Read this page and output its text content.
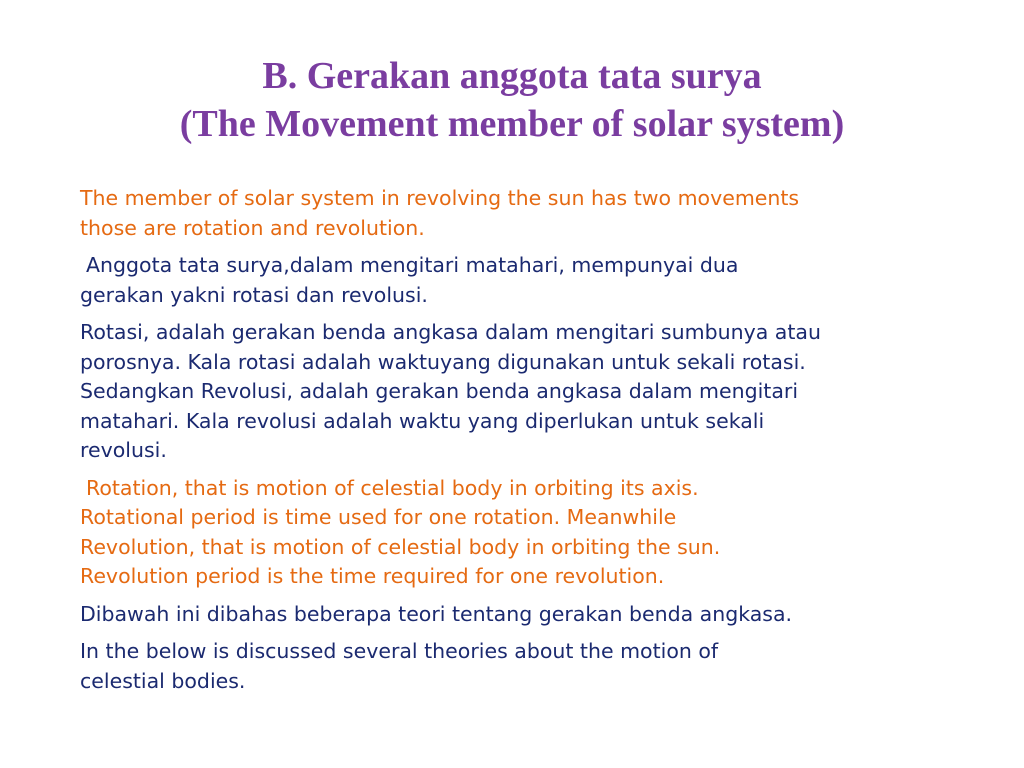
B. Gerakan anggota tata surya
(The Movement member of solar system)
The member of solar system in revolving the sun has two movements
those are rotation and revolution.
Anggota tata surya,dalam mengitari matahari, mempunyai dua
gerakan yakni rotasi dan revolusi.
Rotasi, adalah gerakan benda angkasa dalam mengitari sumbunya atau
porosnya. Kala rotasi adalah waktuyang digunakan untuk sekali rotasi.
Sedangkan Revolusi, adalah gerakan benda angkasa dalam mengitari
matahari. Kala revolusi adalah waktu yang diperlukan untuk sekali
revolusi.
Rotation, that is motion of celestial body in orbiting its axis.
Rotational period is time used for one rotation. Meanwhile
Revolution, that is motion of celestial body in orbiting the sun.
Revolution period is the time required for one revolution.
Dibawah ini dibahas beberapa teori tentang gerakan benda angkasa.
In the below is discussed several theories about the motion of
celestial bodies.
